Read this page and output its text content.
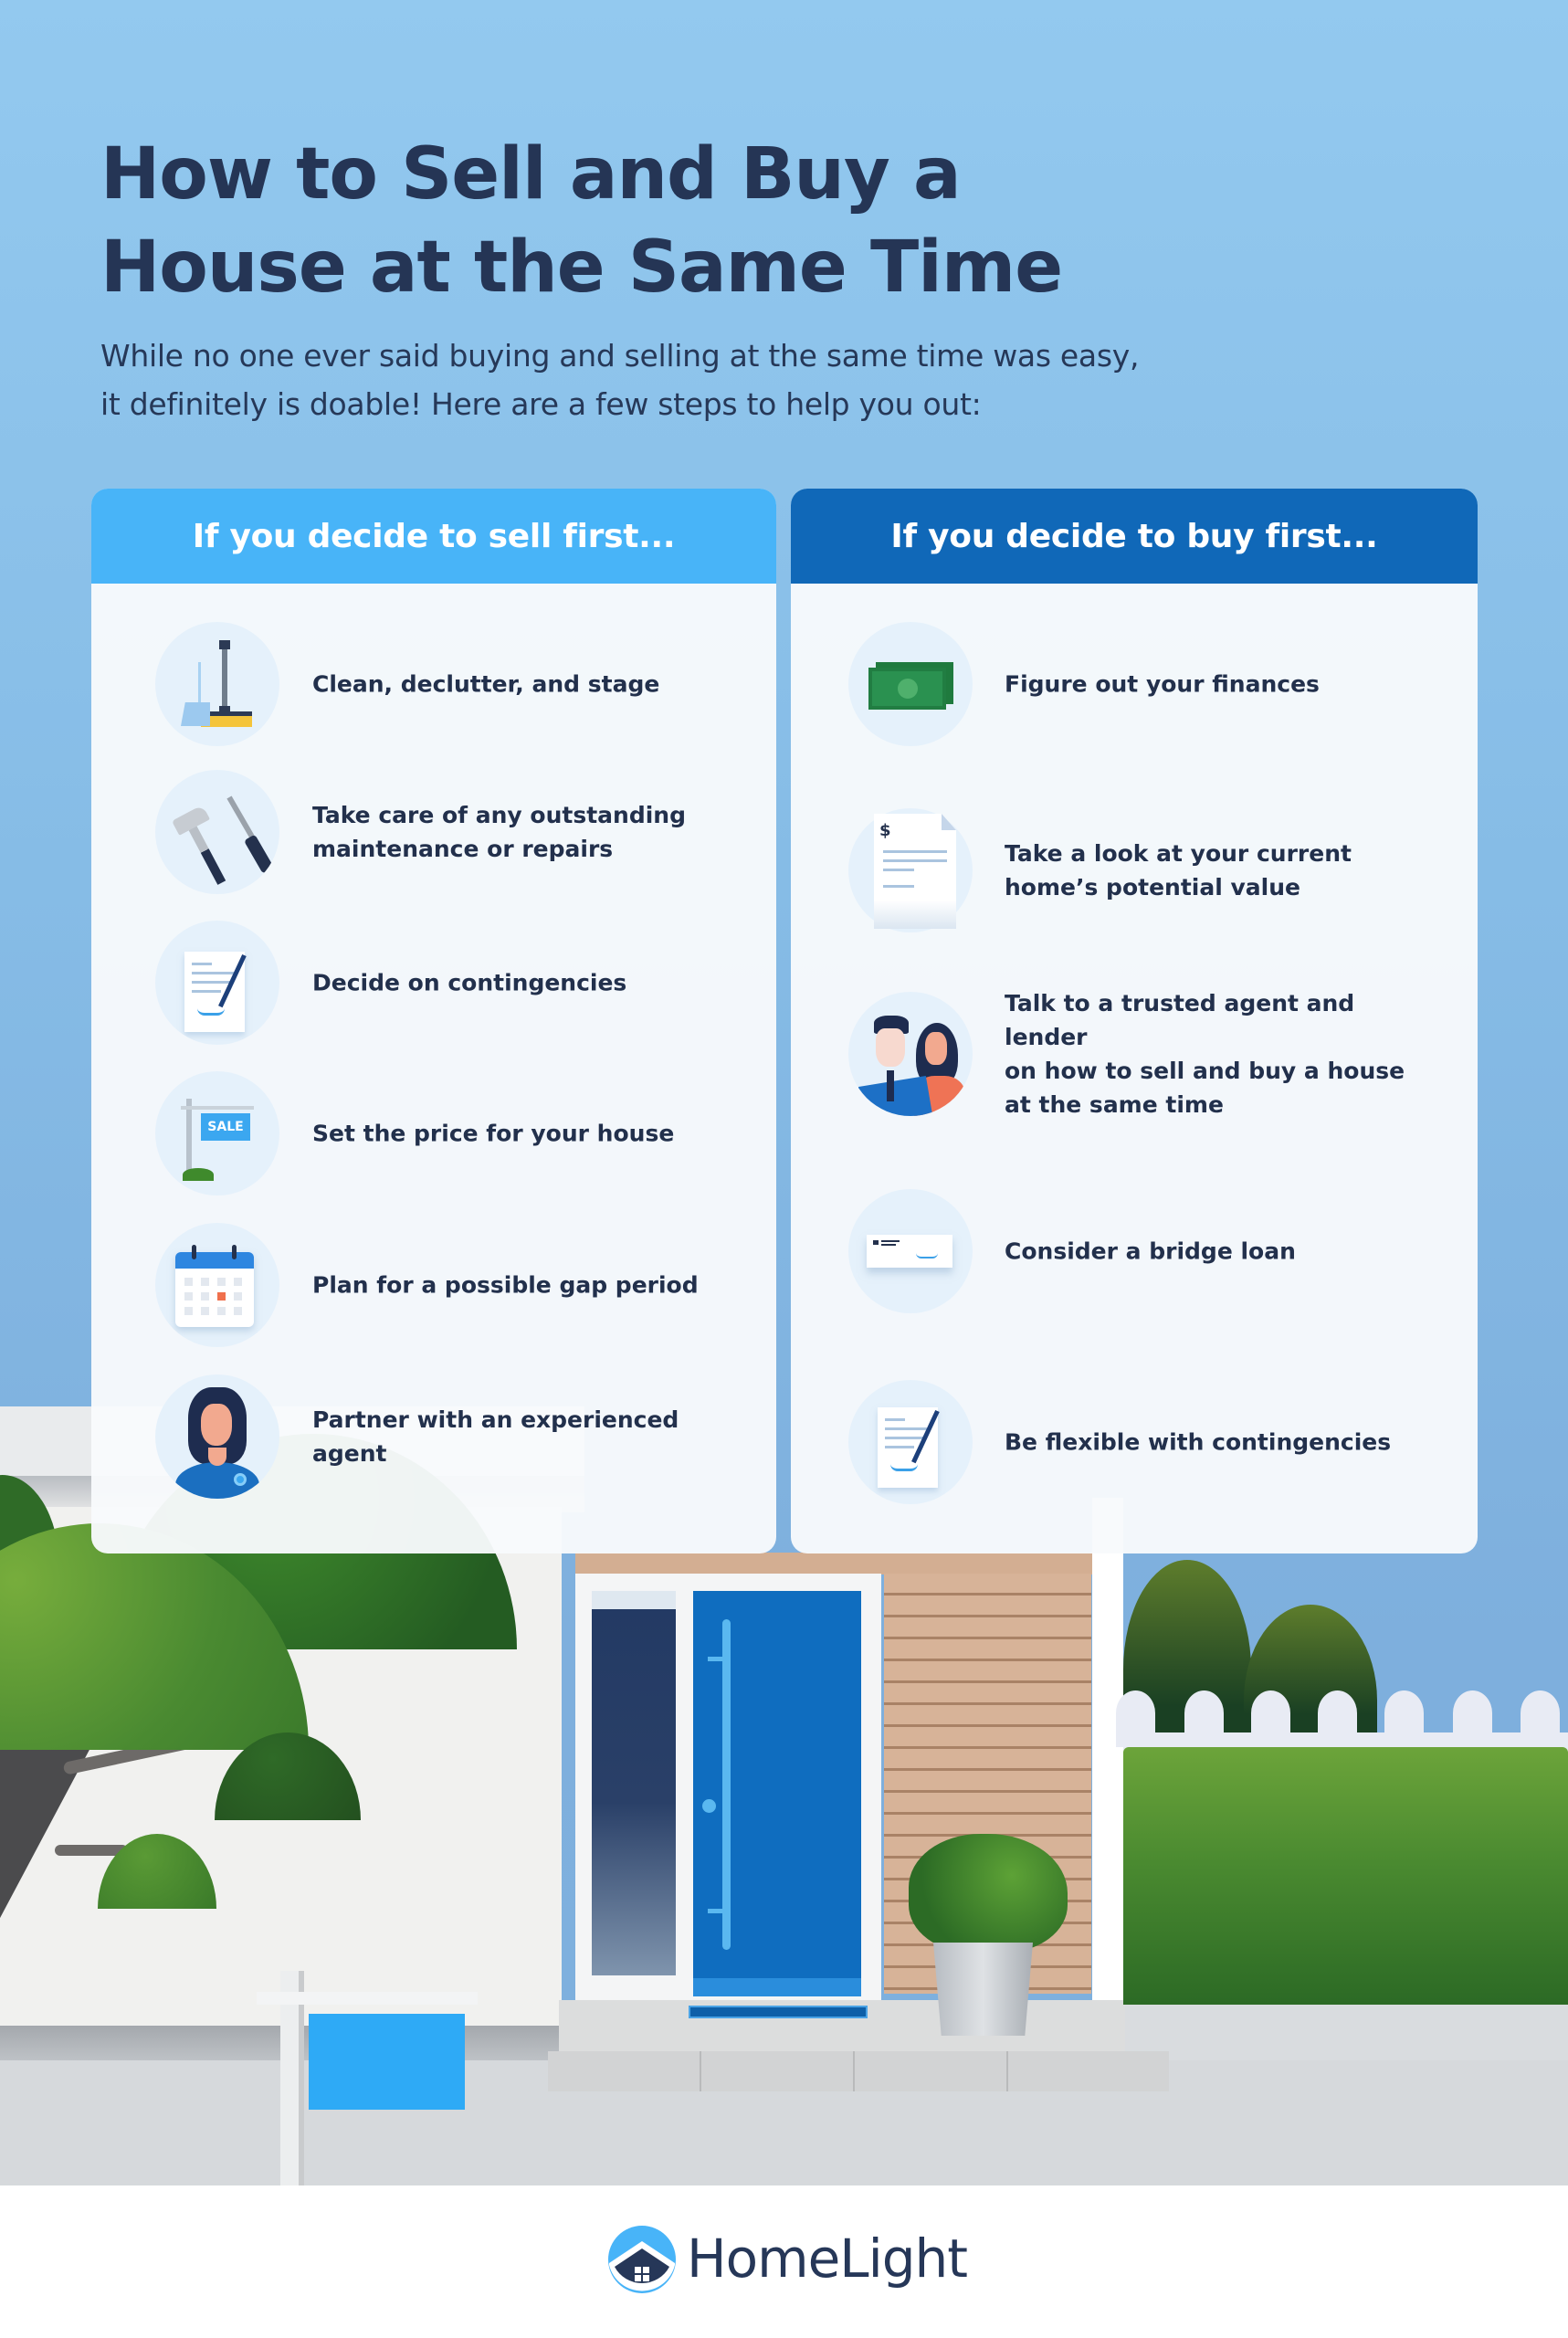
How to Sell and Buy a
House at the Same Time

While no one ever said buying and selling at the same time was easy,
it definitely is doable! Here are a few steps to help you out:

If you decide to sell first...
Clean, declutter, and stage
Take care of any outstanding
maintenance or repairs
Decide on contingencies
SALE	Set the price for your house
Plan for a possible gap period
Partner with an experienced agent
If you decide to buy first...
Figure out your finances
$
Take a look at your current
home’s potential value
Talk to a trusted agent and lender
on how to sell and buy a house
at the same time
Consider a bridge loan
Be flexible with contingencies
HomeLight
